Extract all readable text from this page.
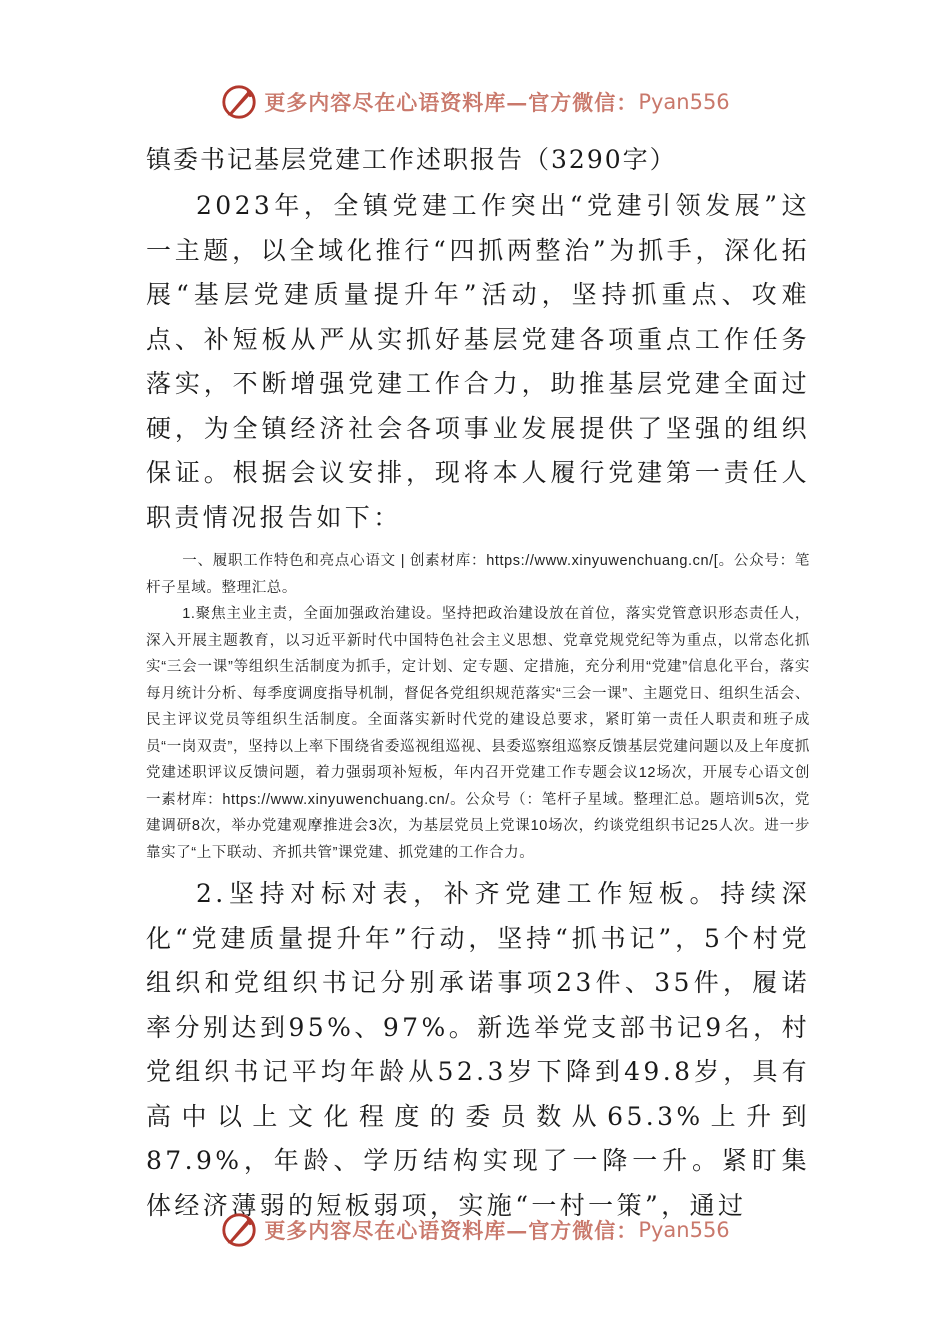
更多内容尽在心语资料库—官方微信： Pyan556

镇委书记基层党建工作述职报告（3290字）

2023年，全镇党建工作突出“党建引领发展”这一主题，以全域化推行“四抓两整治”为抓手，深化拓展“基层党建质量提升年”活动，坚持抓重点、攻难点、补短板从严从实抓好基层党建各项重点工作任务落实，不断增强党建工作合力，助推基层党建全面过硬，为全镇经济社会各项事业发展提供了坚强的组织保证。根据会议安排，现将本人履行党建第一责任人职责情况报告如下：

一、履职工作特色和亮点心语文 | 创素材库：https://www.xinyuwenchuang.cn/[。公众号：笔杆子星域。整理汇总。

1.聚焦主业主责，全面加强政治建设。坚持把政治建设放在首位，落实党管意识形态责任人，深入开展主题教育，以习近平新时代中国特色社会主义思想、党章党规党纪等为重点，以常态化抓实“三会一课”等组织生活制度为抓手，定计划、定专题、定措施，充分利用“党建”信息化平台，落实每月统计分析、每季度调度指导机制，督促各党组织规范落实“三会一课”、主题党日、组织生活会、民主评议党员等组织生活制度。全面落实新时代党的建设总要求，紧盯第一责任人职责和班子成员“一岗双责”，坚持以上率下围绕省委巡视组巡视、县委巡察组巡察反馈基层党建问题以及上年度抓党建述职评议反馈问题，着力强弱项补短板，年内召开党建工作专题会议12场次，开展专心语文创一素材库：https://www.xinyuwenchuang.cn/。公众号（：笔杆子星域。整理汇总。题培训5次，党建调研8次，举办党建观摩推进会3次，为基层党员上党课10场次，约谈党组织书记25人次。进一步靠实了“上下联动、齐抓共管”课党建、抓党建的工作合力。

2.坚持对标对表，补齐党建工作短板。持续深化“党建质量提升年”行动，坚持“抓书记”，5个村党组织和党组织书记分别承诺事项23件、35件，履诺率分别达到95%、97%。新选举党支部书记9名，村党组织书记平均年龄从52.3岁下降到49.8岁，具有高中以上文化程度的委员数从65.3%上升到87.9%，年龄、学历结构实现了一降一升。紧盯集体经济薄弱的短板弱项，实施“一村一策”，通过

更多内容尽在心语资料库—官方微信： Pyan556
